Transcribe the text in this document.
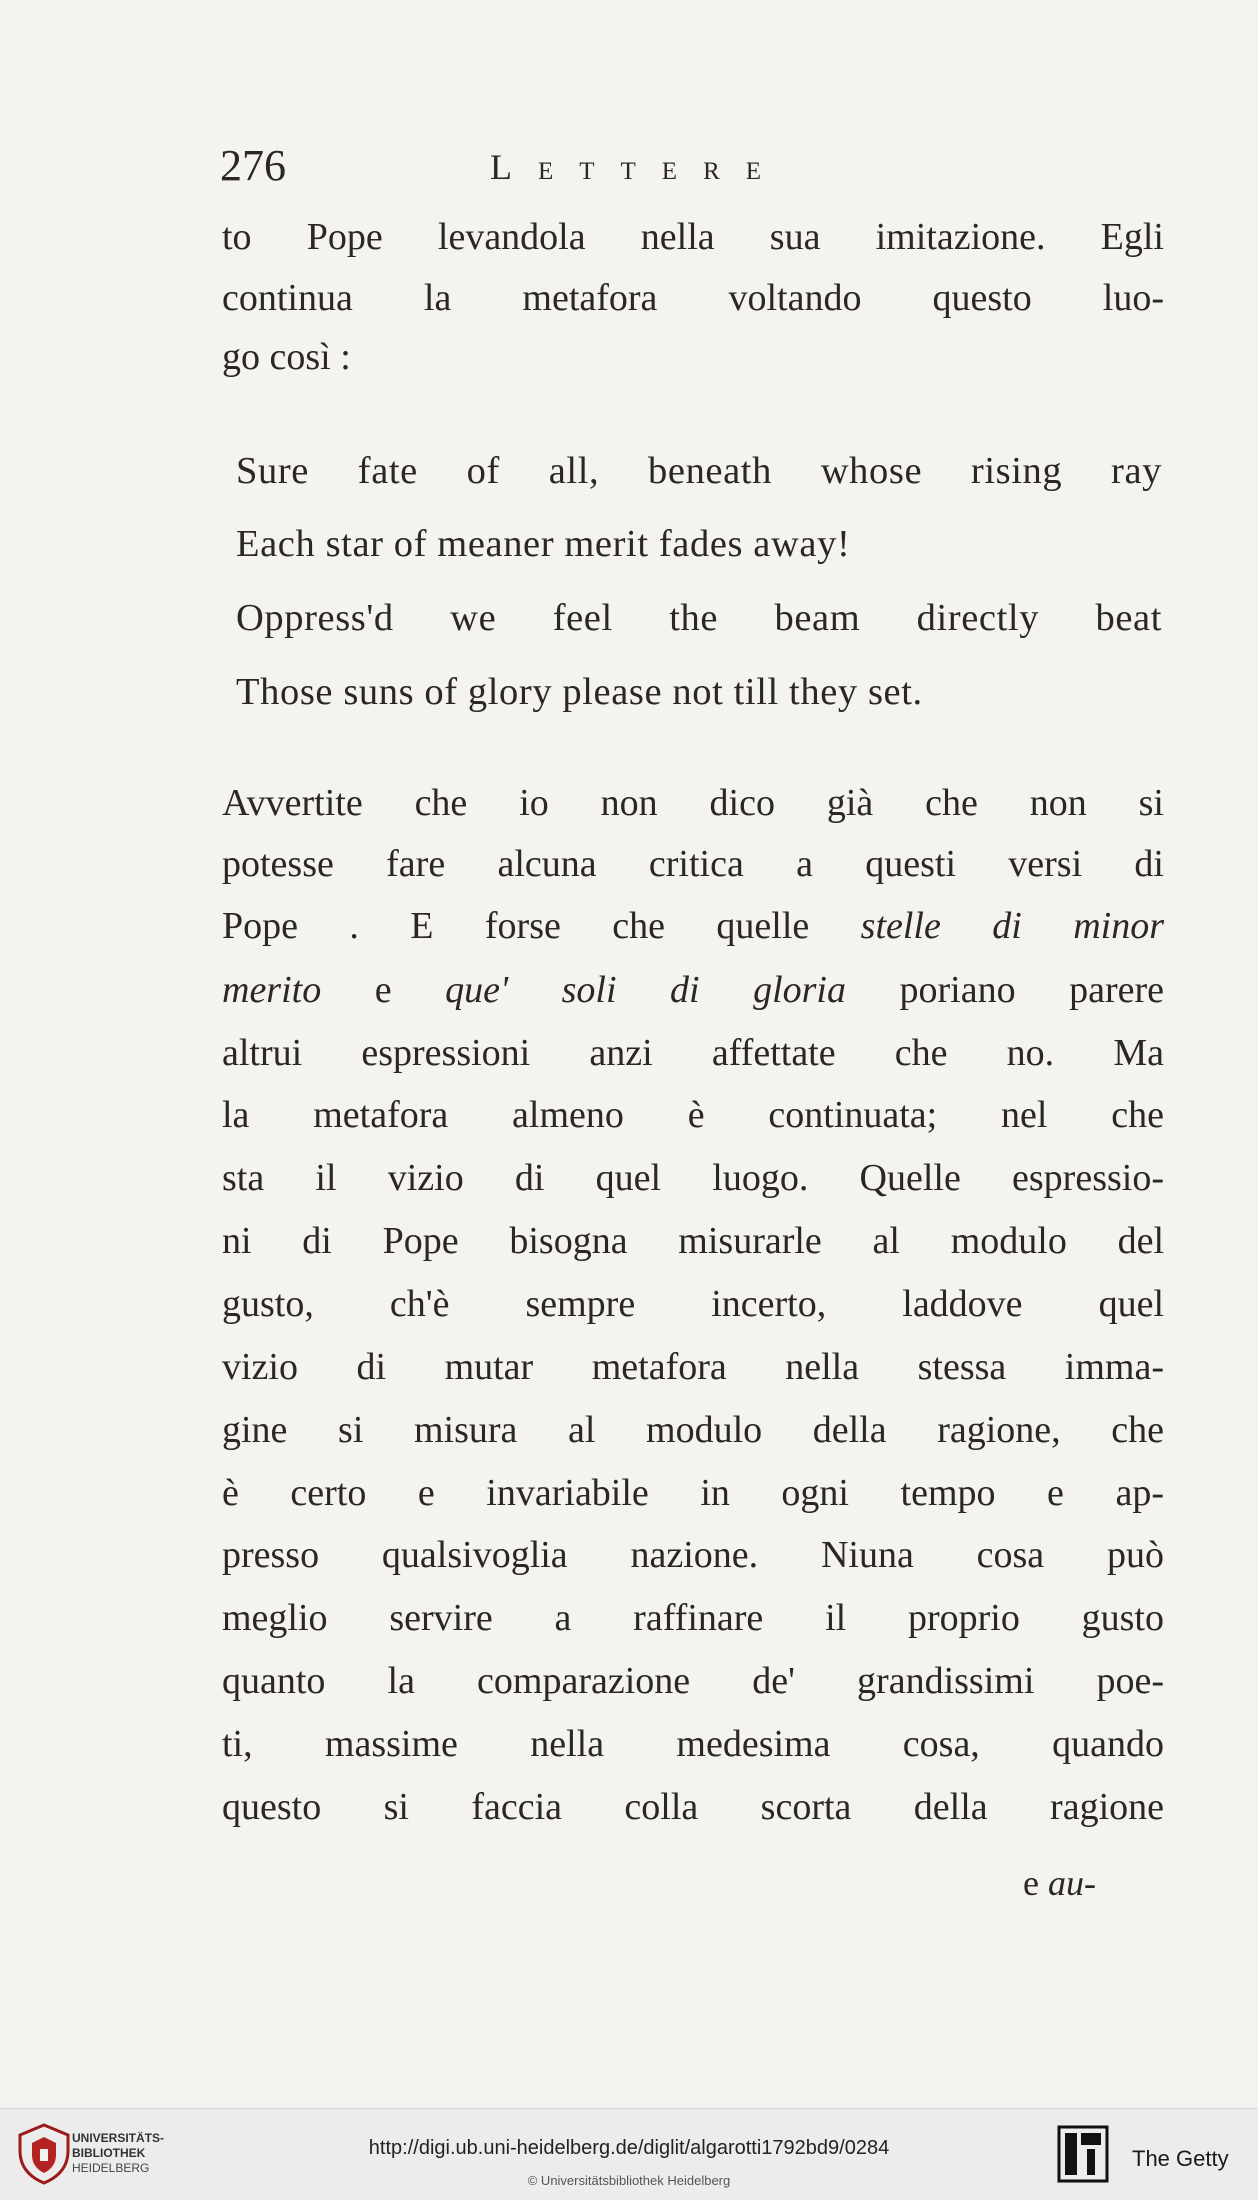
276	Lettere
to Pope levandola nella sua imitazione. Egli
continua la metafora voltando questo luo-
go così :
Sure fate of all, beneath whose rising ray
Each star of meaner merit fades away!
Oppress'd we feel the beam directly beat
Those suns of glory please not till they set.
Avvertite che io non dico già che non si
potesse fare alcuna critica a questi versi di
Pope . E forse che quelle stelle di minor
merito e que' soli di gloria poriano parere
altrui espressioni anzi affettate che no. Ma
la metafora almeno è continuata; nel che
sta il vizio di quel luogo. Quelle espressio-
ni di Pope bisogna misurarle al modulo del
gusto, ch'è sempre incerto, laddove quel
vizio di mutar metafora nella stessa imma-
gine si misura al modulo della ragione, che
è certo e invariabile in ogni tempo e ap-
presso qualsivoglia nazione. Niuna cosa può
meglio servire a raffinare il proprio gusto
quanto la comparazione de' grandissimi poe-
ti, massime nella medesima cosa, quando
questo si faccia colla scorta della ragione
e au-
UNIVERSITÄTS-
BIBLIOTHEK
HEIDELBERG
http://digi.ub.uni-heidelberg.de/diglit/algarotti1792bd9/0284
© Universitätsbibliothek Heidelberg
The Getty
